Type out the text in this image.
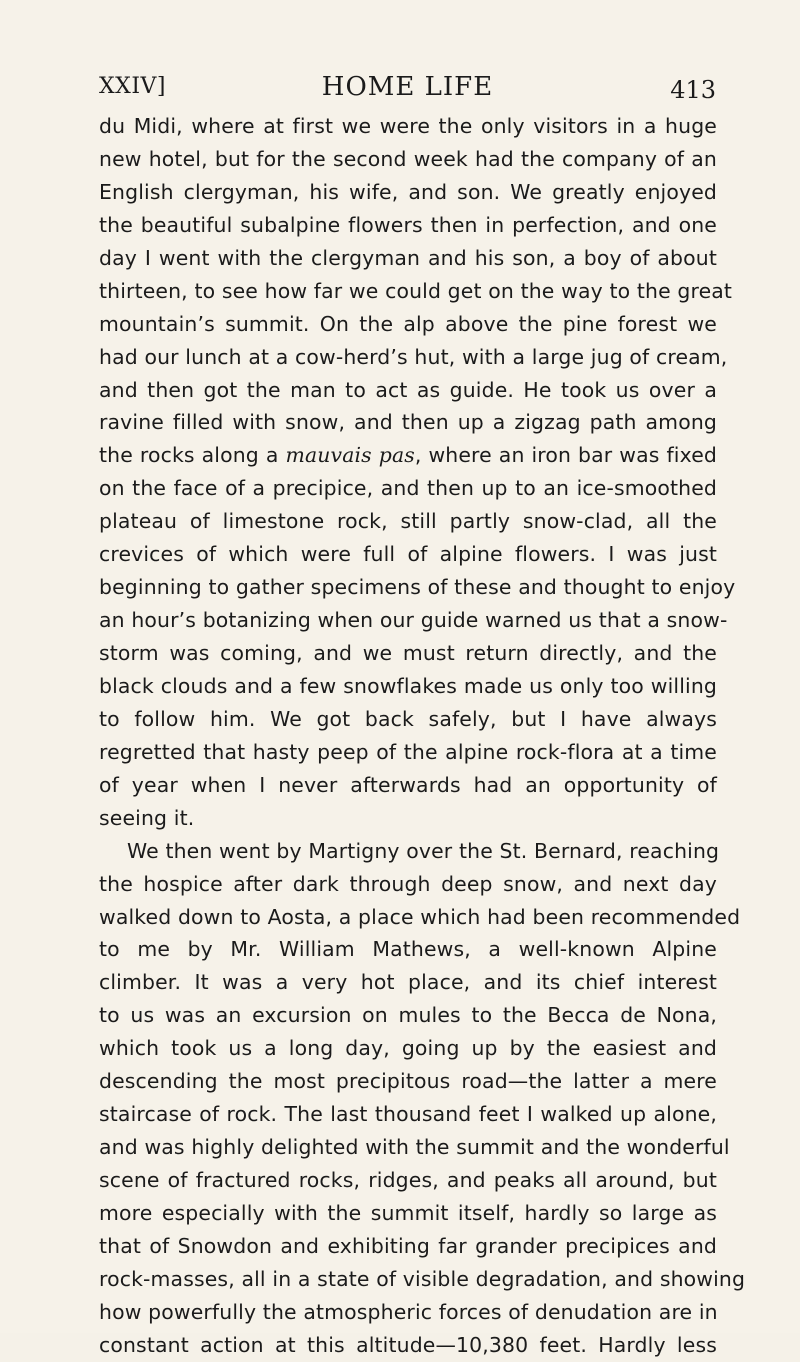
XXIV]	HOME LIFE	413
du Midi, where at first we were the only visitors in a huge
new hotel, but for the second week had the company of an
English clergyman, his wife, and son. We greatly enjoyed
the beautiful subalpine flowers then in perfection, and one
day I went with the clergyman and his son, a boy of about
thirteen, to see how far we could get on the way to the great
mountain’s summit. On the alp above the pine forest we
had our lunch at a cow-herd’s hut, with a large jug of cream,
and then got the man to act as guide. He took us over a
ravine filled with snow, and then up a zigzag path among
the rocks along a mauvais pas, where an iron bar was fixed
on the face of a precipice, and then up to an ice-smoothed
plateau of limestone rock, still partly snow-clad, all the
crevices of which were full of alpine flowers. I was just
beginning to gather specimens of these and thought to enjoy
an hour’s botanizing when our guide warned us that a snow-
storm was coming, and we must return directly, and the
black clouds and a few snowflakes made us only too willing
to follow him. We got back safely, but I have always
regretted that hasty peep of the alpine rock-flora at a time
of year when I never afterwards had an opportunity of
seeing it.
We then went by Martigny over the St. Bernard, reaching
the hospice after dark through deep snow, and next day
walked down to Aosta, a place which had been recommended
to me by Mr. William Mathews, a well-known Alpine
climber. It was a very hot place, and its chief interest
to us was an excursion on mules to the Becca de Nona,
which took us a long day, going up by the easiest and
descending the most precipitous road—the latter a mere
staircase of rock. The last thousand feet I walked up alone,
and was highly delighted with the summit and the wonderful
scene of fractured rocks, ridges, and peaks all around, but
more especially with the summit itself, hardly so large as
that of Snowdon and exhibiting far grander precipices and
rock-masses, all in a state of visible degradation, and showing
how powerfully the atmospheric forces of denudation are in
constant action at this altitude—10,380 feet. Hardly less
